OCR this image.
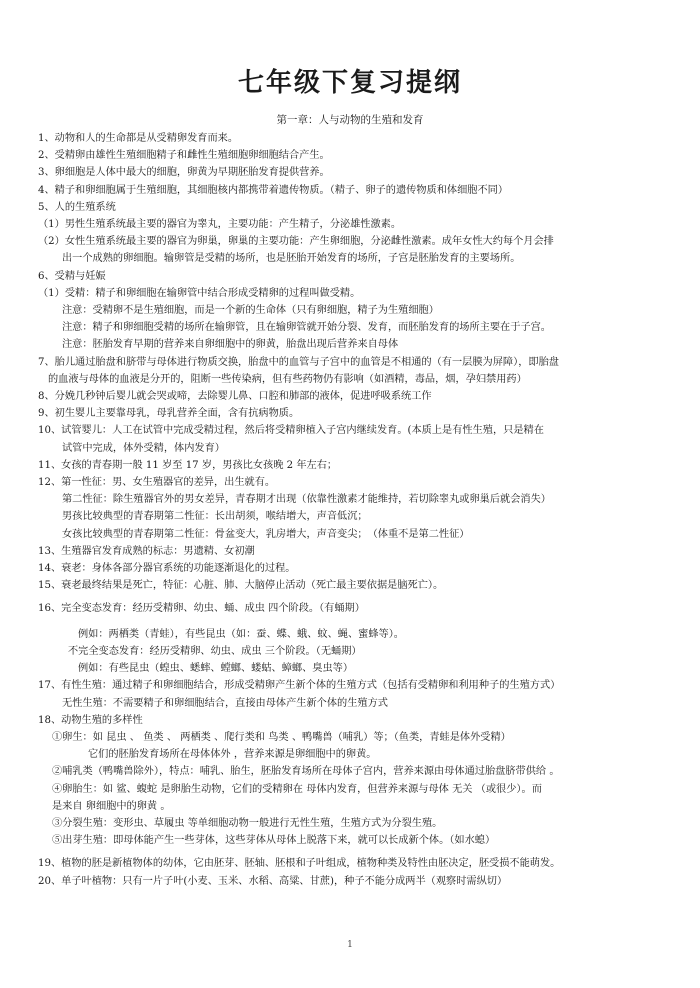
七年级下复习提纲
第一章：人与动物的生殖和发育
1、动物和人的生命都是从受精卵发育而来。
2、受精卵由雄性生殖细胞精子和雌性生殖细胞卵细胞结合产生。
3、卵细胞是人体中最大的细胞，卵黄为早期胚胎发育提供营养。
4、精子和卵细胞属于生殖细胞，其细胞核内都携带着遗传物质。（精子、卵子的遗传物质和体细胞不同）
5、人的生殖系统
（1）男性生殖系统最主要的器官为睾丸，主要功能：产生精子，分泌雄性激素。
（2）女性生殖系统最主要的器官为卵巢，卵巢的主要功能：产生卵细胞，分泌雌性激素。成年女性大约每个月会排
出一个成熟的卵细胞。输卵管是受精的场所，也是胚胎开始发育的场所，子宫是胚胎发育的主要场所。
6、受精与妊娠
（1）受精：精子和卵细胞在输卵管中结合形成受精卵的过程叫做受精。
注意：受精卵不是生殖细胞，而是一个新的生命体（只有卵细胞，精子为生殖细胞）
注意：精子和卵细胞受精的场所在输卵管，且在输卵管就开始分裂、发育，而胚胎发育的场所主要在于子宫。
注意：胚胎发育早期的营养来自卵细胞中的卵黄，胎盘出现后营养来自母体
7、胎儿通过胎盘和脐带与母体进行物质交换，胎盘中的血管与子宫中的血管是不相通的（有一层膜为屏障），即胎盘
的血液与母体的血液是分开的，阻断一些传染病，但有些药物仍有影响（如酒精，毒品，烟，孕妇禁用药）
8、分娩几秒钟后婴儿就会哭或啼，去除婴儿鼻、口腔和肺部的液体，促进呼吸系统工作
9、初生婴儿主要靠母乳，母乳营养全面，含有抗病物质。
10、试管婴儿：人工在试管中完成受精过程，然后将受精卵植入子宫内继续发育。(本质上是有性生殖，只是精在
试管中完成，体外受精，体内发育）
11、女孩的青春期一般 11 岁至 17 岁，男孩比女孩晚 2 年左右；
12、第一性征：男、女生殖器官的差异，出生就有。
第二性征：除生殖器官外的男女差异，青春期才出现（依靠性激素才能维持，若切除睾丸或卵巢后就会消失）
男孩比较典型的青春期第二性征：长出胡须，喉结增大，声音低沉；
女孩比较典型的青春期第二性征：骨盆变大，乳房增大，声音变尖；　（体重不是第二性征）
13、生殖器官发育成熟的标志：男遗精、女初潮
14、衰老：身体各部分器官系统的功能逐渐退化的过程。
15、衰老最终结果是死亡，特征：心脏、肺、大脑停止活动（死亡最主要依据是脑死亡）。
16、完全变态发育：经历受精卵、幼虫、蛹、成虫 四个阶段。（有蛹期）
例如：两栖类（青蛙），有些昆虫（如：蚕、蝶、蛾、蚊、蝇、蜜蜂等）。
不完全变态发育：经历受精卵、幼虫、成虫 三个阶段。（无蛹期）
例如：有些昆虫（蝗虫、蟋蟀、螳螂、蝼蛄、蟑螂、臭虫等）
17、有性生殖：通过精子和卵细胞结合，形成受精卵产生新个体的生殖方式（包括有受精卵和利用种子的生殖方式）
无性生殖：不需要精子和卵细胞结合，直接由母体产生新个体的生殖方式
18、动物生殖的多样性
①卵生：如 昆虫 、 鱼类 、 两栖类 、爬行类和 鸟类 、鸭嘴兽（哺乳）等；（鱼类，青蛙是体外受精）
它们的胚胎发育场所在母体体外 ，营养来源是卵细胞中的卵黄。
②哺乳类（鸭嘴兽除外），特点：哺乳、胎生，胚胎发育场所在母体子宫内，营养来源由母体通过胎盘脐带供给 。
④卵胎生：如 鲨、蝮蛇 是卵胎生动物，它们的受精卵在 母体内发育，但营养来源与母体 无关 （或很少）。而
是来自 卵细胞中的卵黄 。
③分裂生殖：变形虫、草履虫 等单细胞动物一般进行无性生殖，生殖方式为分裂生殖。
⑤出芽生殖：即母体能产生一些芽体，这些芽体从母体上脱落下来，就可以长成新个体。（如水螅）
19、植物的胚是新植物体的幼体，它由胚芽、胚轴、胚根和子叶组成，植物种类及特性由胚决定，胚受损不能萌发。
20、单子叶植物：只有一片子叶(小麦、玉米、水稻、高粱、甘蔗)，种子不能分成两半（观察时需纵切）
1
